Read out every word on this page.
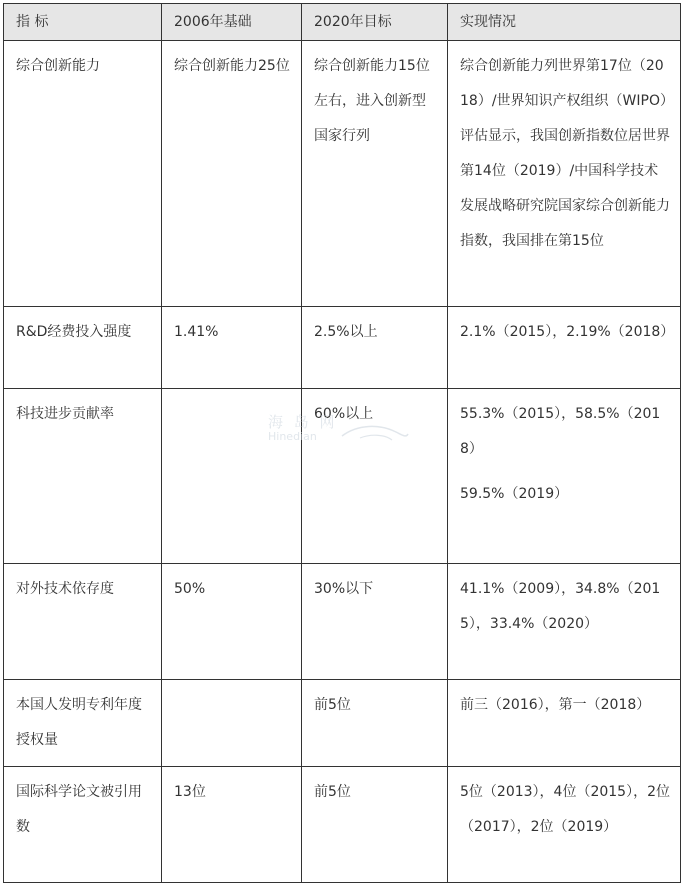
指 标	2006年基础	2020年目标	实现情况
综合创新能力	综合创新能力25位	综合创新能力15位左右，进入创新型国家行列	综合创新能力列世界第17位（2018）/世界知识产权组织（WIPO）评估显示，我国创新指数位居世界第14位（2019）/中国科学技术发展战略研究院国家综合创新能力指数，我国排在第15位

R&D经费投入强度	1.41%	2.5%以上	2.1%（2015），2.19%（2018）

科技进步贡献率		60%以上	55.3%（2015），58.5%（2018）
59.5%（2019）

对外技术依存度	50%	30%以下	41.1%（2009），34.8%（2015），33.4%（2020）

本国人发明专利年度授权量		前5位	前三（2016），第一（2018）

国际科学论文被引用数	13位	前5位	5位（2013），4位（2015），2位（2017），2位（2019）
海 岛 网
Hinedian
